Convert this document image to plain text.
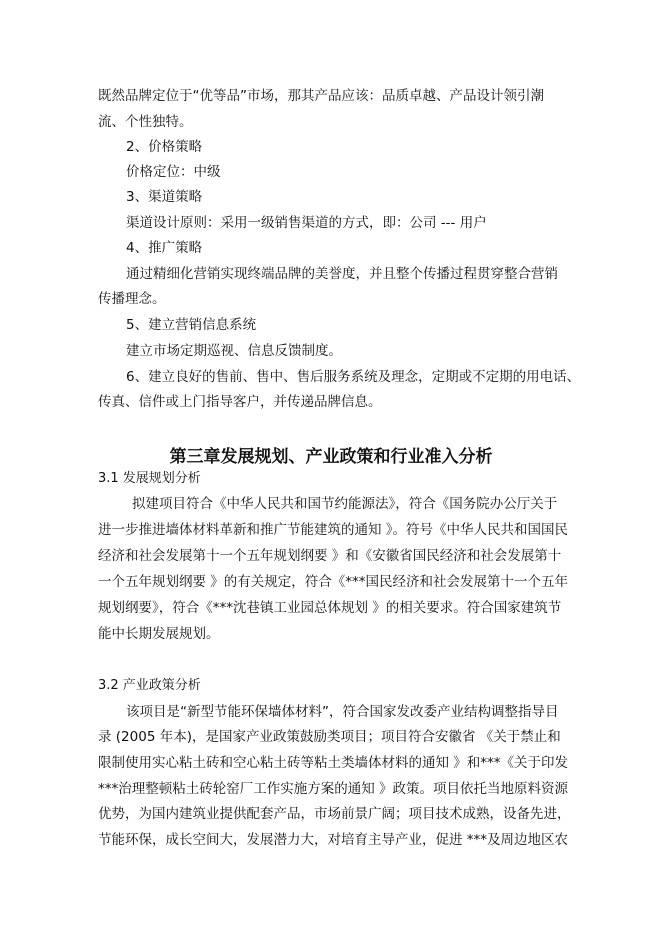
既然品牌定位于“优等品”市场，那其产品应该：品质卓越、产品设计领引潮
流、个性独特。
2、价格策略
价格定位：中级
3、渠道策略
渠道设计原则：采用一级销售渠道的方式，即：公司 --- 用户
4、推广策略
通过精细化营销实现终端品牌的美誉度，并且整个传播过程贯穿整合营销
传播理念。
5、建立营销信息系统
建立市场定期巡视、信息反馈制度。
6、建立良好的售前、售中、售后服务系统及理念，定期或不定期的用电话、
传真、信件或上门指导客户，并传递品牌信息。
第三章发展规划、产业政策和行业准入分析
3.1 发展规划分析
拟建项目符合《中华人民共和国节约能源法》，符合《国务院办公厅关于
进一步推进墙体材料革新和推广节能建筑的通知 》。符号《中华人民共和国国民
经济和社会发展第十一个五年规划纲要 》和《安徽省国民经济和社会发展第十
一个五年规划纲要 》的有关规定，符合《***国民经济和社会发展第十一个五年
规划纲要》，符合《***沈巷镇工业园总体规划 》的相关要求。符合国家建筑节
能中长期发展规划。
3.2 产业政策分析
该项目是“新型节能环保墙体材料”，符合国家发改委产业结构调整指导目
录 (2005 年本)，是国家产业政策鼓励类项目；项目符合安徽省 《关于禁止和
限制使用实心粘土砖和空心粘土砖等粘土类墙体材料的通知 》和***《关于印发
***治理整顿粘土砖轮窑厂工作实施方案的通知 》政策。项目依托当地原料资源
优势，为国内建筑业提供配套产品，市场前景广阔；项目技术成熟，设备先进，
节能环保，成长空间大，发展潜力大，对培育主导产业，促进 ***及周边地区农
